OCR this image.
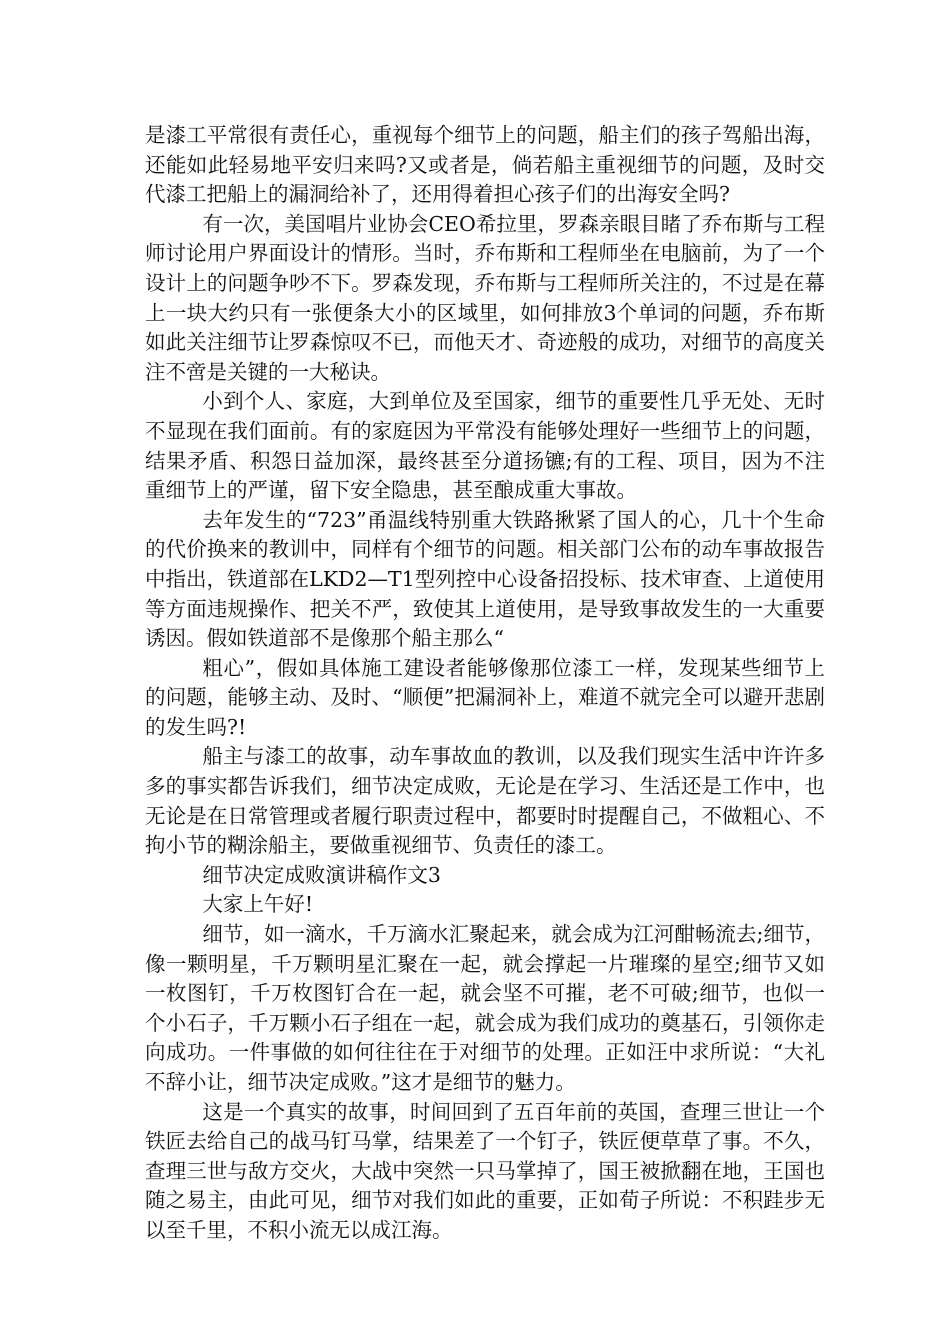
是漆工平常很有责任心，重视每个细节上的问题，船主们的孩子驾船出海，还能如此轻易地平安归来吗?又或者是，倘若船主重视细节的问题，及时交代漆工把船上的漏洞给补了，还用得着担心孩子们的出海安全吗?

有一次，美国唱片业协会CEO希拉里，罗森亲眼目睹了乔布斯与工程师讨论用户界面设计的情形。当时，乔布斯和工程师坐在电脑前，为了一个设计上的问题争吵不下。罗森发现，乔布斯与工程师所关注的，不过是在幕上一块大约只有一张便条大小的区域里，如何排放3个单词的问题，乔布斯如此关注细节让罗森惊叹不已，而他天才、奇迹般的成功，对细节的高度关注不啻是关键的一大秘诀。

小到个人、家庭，大到单位及至国家，细节的重要性几乎无处、无时不显现在我们面前。有的家庭因为平常没有能够处理好一些细节上的问题，结果矛盾、积怨日益加深，最终甚至分道扬镳;有的工程、项目，因为不注重细节上的严谨，留下安全隐患，甚至酿成重大事故。

去年发生的“723”甬温线特别重大铁路揪紧了国人的心，几十个生命的代价换来的教训中，同样有个细节的问题。相关部门公布的动车事故报告中指出，铁道部在LKD2—T1型列控中心设备招投标、技术审查、上道使用等方面违规操作、把关不严，致使其上道使用，是导致事故发生的一大重要诱因。假如铁道部不是像那个船主那么“

粗心”，假如具体施工建设者能够像那位漆工一样，发现某些细节上的问题，能够主动、及时、“顺便”把漏洞补上，难道不就完全可以避开悲剧的发生吗?!

船主与漆工的故事，动车事故血的教训，以及我们现实生活中许许多多的事实都告诉我们，细节决定成败，无论是在学习、生活还是工作中，也无论是在日常管理或者履行职责过程中，都要时时提醒自己，不做粗心、不拘小节的糊涂船主，要做重视细节、负责任的漆工。

细节决定成败演讲稿作文3

大家上午好!

细节，如一滴水，千万滴水汇聚起来，就会成为江河酣畅流去;细节，像一颗明星，千万颗明星汇聚在一起，就会撑起一片璀璨的星空;细节又如一枚图钉，千万枚图钉合在一起，就会坚不可摧，老不可破;细节，也似一个小石子，千万颗小石子组在一起，就会成为我们成功的奠基石，引领你走向成功。一件事做的如何往往在于对细节的处理。正如汪中求所说：“大礼不辞小让，细节决定成败。”这才是细节的魅力。

这是一个真实的故事，时间回到了五百年前的英国，查理三世让一个铁匠去给自己的战马钉马掌，结果差了一个钉子，铁匠便草草了事。不久，查理三世与敌方交火，大战中突然一只马掌掉了，国王被掀翻在地，王国也随之易主，由此可见，细节对我们如此的重要，正如荀子所说：不积跬步无以至千里，不积小流无以成江海。
